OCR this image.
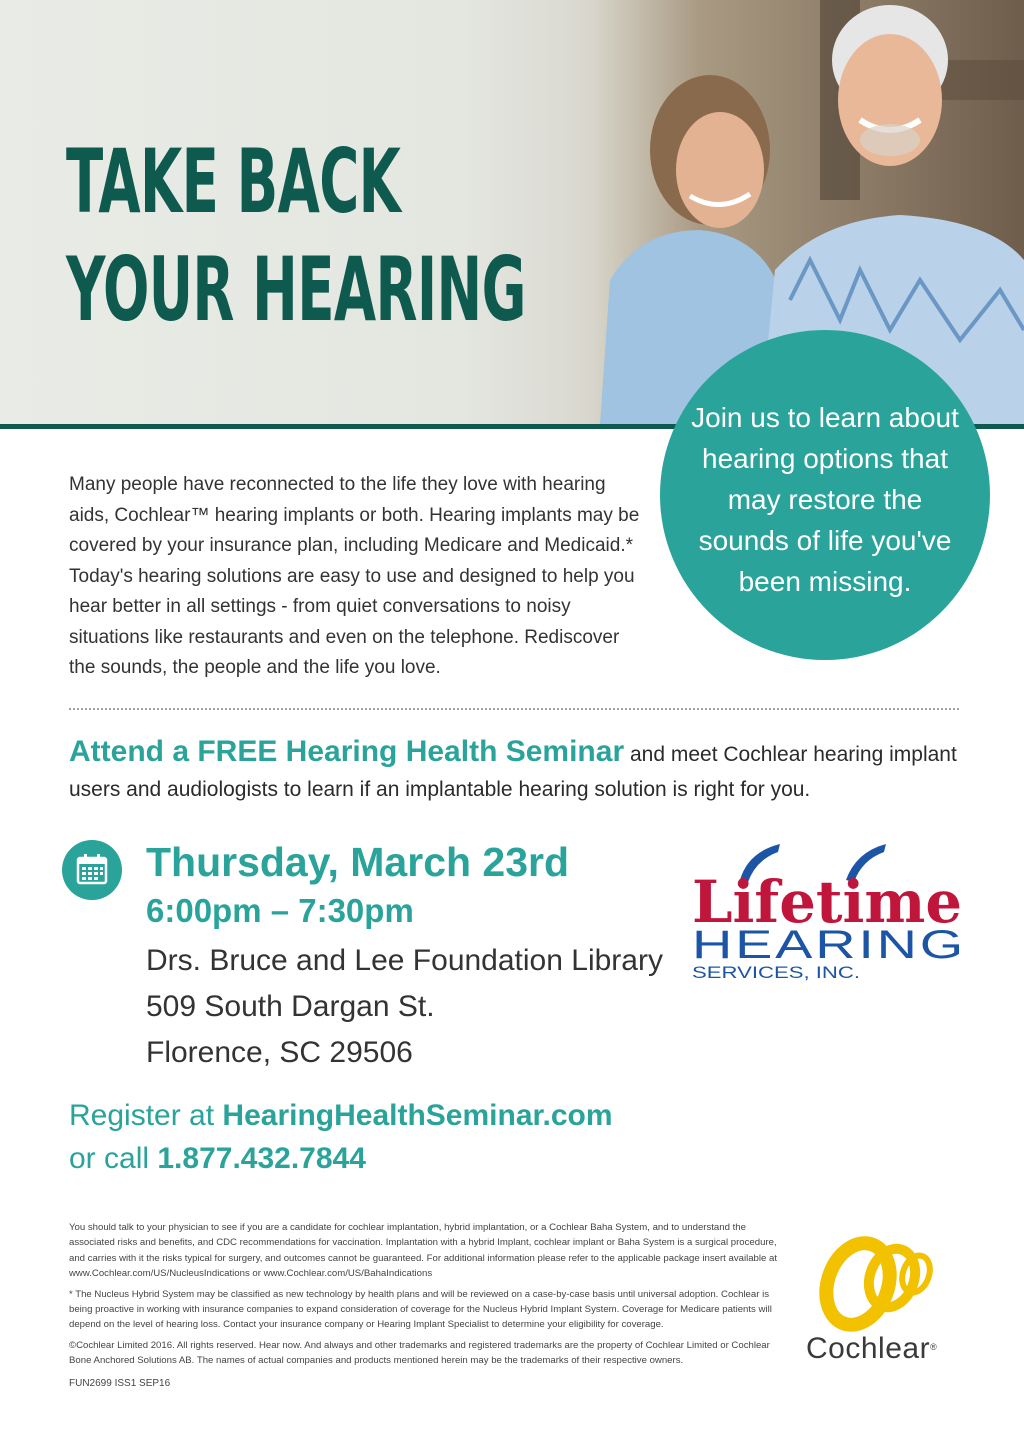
TAKE BACK
YOUR HEARING
Join us to learn about hearing options that may restore the sounds of life you've been missing.
Many people have reconnected to the life they love with hearing aids, Cochlear™ hearing implants or both. Hearing implants may be covered by your insurance plan, including Medicare and Medicaid.* Today's hearing solutions are easy to use and designed to help you hear better in all settings - from quiet conversations to noisy situations like restaurants and even on the telephone. Rediscover the sounds, the people and the life you love.
Attend a FREE Hearing Health Seminar and meet Cochlear hearing implant users and audiologists to learn if an implantable hearing solution is right for you.
Thursday, March 23rd
6:00pm – 7:30pm
Drs. Bruce and Lee Foundation Library
509 South Dargan St.
Florence, SC 29506
Lifetime
HEARING
SERVICES, INC.
Register at HearingHealthSeminar.com
or call 1.877.432.7844

You should talk to your physician to see if you are a candidate for cochlear implantation, hybrid implantation, or a Cochlear Baha System, and to understand the associated risks and benefits, and CDC recommendations for vaccination. Implantation with a hybrid Implant, cochlear implant or Baha System is a surgical procedure, and carries with it the risks typical for surgery, and outcomes cannot be guaranteed. For additional information please refer to the applicable package insert available at www.Cochlear.com/US/NucleusIndications or www.Cochlear.com/US/BahaIndications

* The Nucleus Hybrid System may be classified as new technology by health plans and will be reviewed on a case-by-case basis until universal adoption. Cochlear is being proactive in working with insurance companies to expand consideration of coverage for the Nucleus Hybrid Implant System. Coverage for Medicare patients will depend on the level of hearing loss. Contact your insurance company or Hearing Implant Specialist to determine your eligibility for coverage.

©Cochlear Limited 2016. All rights reserved. Hear now. And always and other trademarks and registered trademarks are the property of Cochlear Limited or Cochlear Bone Anchored Solutions AB. The names of actual companies and products mentioned herein may be the trademarks of their respective owners.

FUN2699 ISS1 SEP16
Cochlear®
